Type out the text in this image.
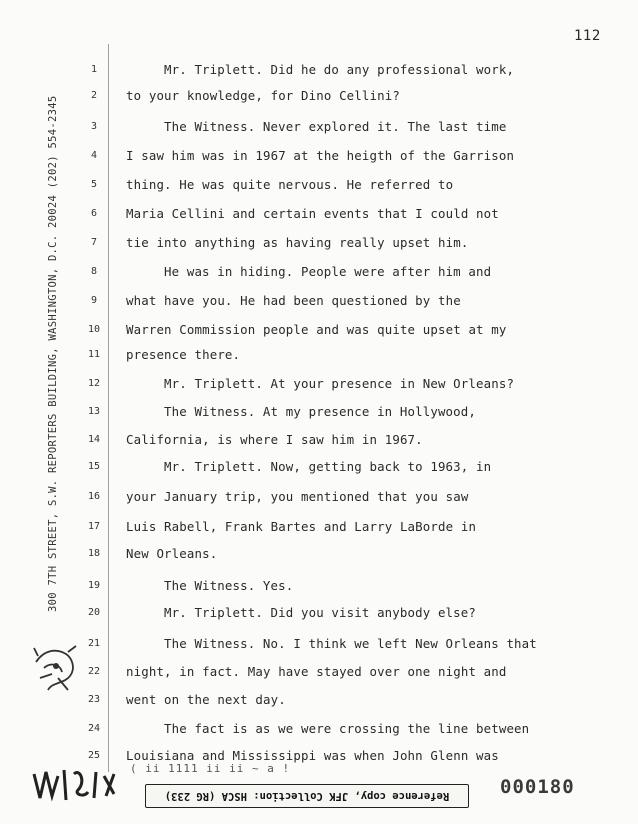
112
300 7TH STREET, S.W. REPORTERS BUILDING, WASHINGTON, D.C. 20024 (202) 554-2345
1	Mr. Triplett. Did he do any professional work,
2	to your knowledge, for Dino Cellini?
3	The Witness. Never explored it. The last time
4	I saw him was in 1967 at the heigth of the Garrison
5	thing. He was quite nervous. He referred to
6	Maria Cellini and certain events that I could not
7	tie into anything as having really upset him.
8	He was in hiding. People were after him and
9	what have you. He had been questioned by the
10	Warren Commission people and was quite upset at my
11	presence there.
12	Mr. Triplett. At your presence in New Orleans?
13	The Witness. At my presence in Hollywood,
14	California, is where I saw him in 1967.
15	Mr. Triplett. Now, getting back to 1963, in
16	your January trip, you mentioned that you saw
17	Luis Rabell, Frank Bartes and Larry LaBorde in
18	New Orleans.
19	The Witness. Yes.
20	Mr. Triplett. Did you visit anybody else?
21	The Witness. No. I think we left New Orleans that
22	night, in fact. May have stayed over one night and
23	went on the next day.
24	The fact is as we were crossing the line between
25	Louisiana and Mississippi was when John Glenn was
( ii 1111 ii ii ~ a !
Reference copy, JFK Collection: HSCA (RG 233)	000180
